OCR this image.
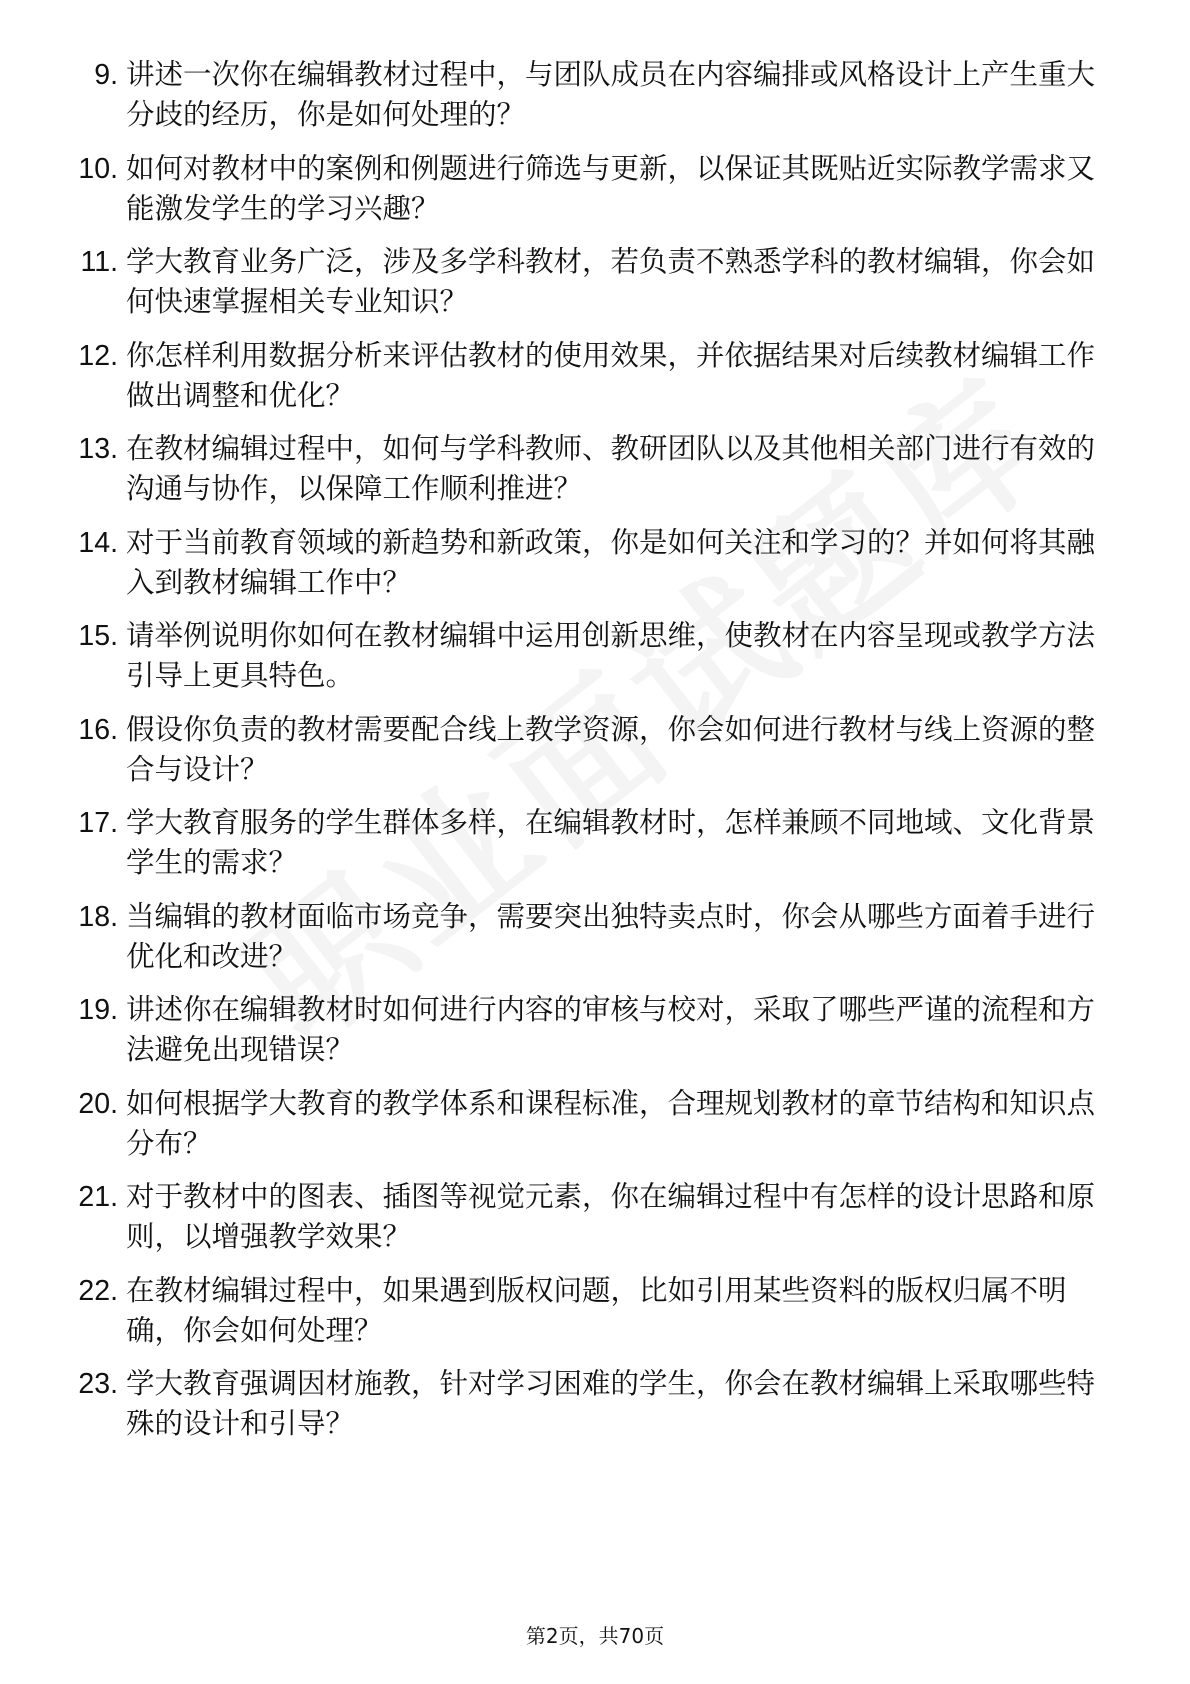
9. 讲述一次你在编辑教材过程中，与团队成员在内容编排或风格设计上产生重大分歧的经历，你是如何处理的？
10. 如何对教材中的案例和例题进行筛选与更新，以保证其既贴近实际教学需求又能激发学生的学习兴趣？
11. 学大教育业务广泛，涉及多学科教材，若负责不熟悉学科的教材编辑，你会如何快速掌握相关专业知识？
12. 你怎样利用数据分析来评估教材的使用效果，并依据结果对后续教材编辑工作做出调整和优化？
13. 在教材编辑过程中，如何与学科教师、教研团队以及其他相关部门进行有效的沟通与协作，以保障工作顺利推进？
14. 对于当前教育领域的新趋势和新政策，你是如何关注和学习的？并如何将其融入到教材编辑工作中？
15. 请举例说明你如何在教材编辑中运用创新思维，使教材在内容呈现或教学方法引导上更具特色。
16. 假设你负责的教材需要配合线上教学资源，你会如何进行教材与线上资源的整合与设计？
17. 学大教育服务的学生群体多样，在编辑教材时，怎样兼顾不同地域、文化背景学生的需求？
18. 当编辑的教材面临市场竞争，需要突出独特卖点时，你会从哪些方面着手进行优化和改进？
19. 讲述你在编辑教材时如何进行内容的审核与校对，采取了哪些严谨的流程和方法避免出现错误？
20. 如何根据学大教育的教学体系和课程标准，合理规划教材的章节结构和知识点分布？
21. 对于教材中的图表、插图等视觉元素，你在编辑过程中有怎样的设计思路和原则，以增强教学效果？
22. 在教材编辑过程中，如果遇到版权问题，比如引用某些资料的版权归属不明确，你会如何处理？
23. 学大教育强调因材施教，针对学习困难的学生，你会在教材编辑上采取哪些特殊的设计和引导？
第2页，共70页
